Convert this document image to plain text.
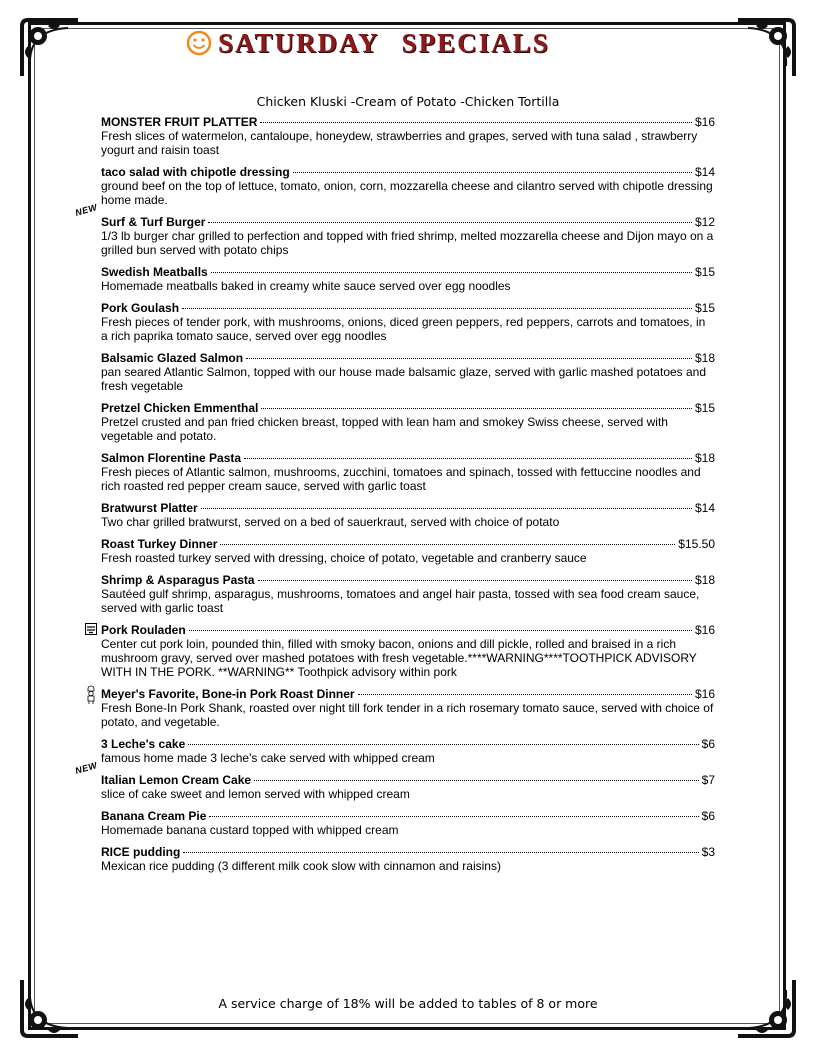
SATURDAY SPECIALS
Chicken Kluski -Cream of Potato -Chicken Tortilla
MONSTER FRUIT PLATTER	$16
Fresh slices of watermelon, cantaloupe, honeydew, strawberries and grapes, served with tuna salad , strawberry yogurt and raisin toast
taco salad with chipotle dressing	$14
ground beef on the top of lettuce, tomato, onion, corn, mozzarella cheese and cilantro served with chipotle dressing home made.
NEW
Surf & Turf Burger	$12
1/3 lb burger char grilled to perfection and topped with fried shrimp, melted mozzarella cheese and Dijon mayo on a grilled bun served with potato chips
Swedish Meatballs	$15
Homemade meatballs baked in creamy white sauce served over egg noodles
Pork Goulash	$15
Fresh pieces of tender pork, with mushrooms, onions, diced green peppers, red peppers, carrots and tomatoes, in a rich paprika tomato sauce, served over egg noodles
Balsamic Glazed Salmon	$18
pan seared Atlantic Salmon, topped with our house made balsamic glaze, served with garlic mashed potatoes and fresh vegetable
Pretzel Chicken Emmenthal	$15
Pretzel crusted and pan fried chicken breast, topped with lean ham and smokey Swiss cheese, served with vegetable and potato.
Salmon Florentine Pasta	$18
Fresh pieces of Atlantic salmon, mushrooms, zucchini, tomatoes and spinach, tossed with fettuccine noodles and rich roasted red pepper cream sauce, served with garlic toast
Bratwurst Platter	$14
Two char grilled bratwurst, served on a bed of sauerkraut, served with choice of potato
Roast Turkey Dinner	$15.50
Fresh roasted turkey served with dressing, choice of potato, vegetable and cranberry sauce
Shrimp & Asparagus Pasta	$18
Sautéed gulf shrimp, asparagus, mushrooms, tomatoes and angel hair pasta, tossed with sea food cream sauce, served with garlic toast
Pork Rouladen	$16
Center cut pork loin, pounded thin, filled with smoky bacon, onions and dill pickle, rolled and braised in a rich mushroom gravy, served over mashed potatoes with fresh vegetable.****WARNING****TOOTHPICK ADVISORY WITH IN THE PORK. **WARNING** Toothpick advisory within pork
Meyer's Favorite, Bone-in Pork Roast Dinner	$16
Fresh Bone-In Pork Shank, roasted over night till fork tender in a rich rosemary tomato sauce, served with choice of potato, and vegetable.
3 Leche's cake	$6
famous home made 3 leche's cake served with whipped cream
NEW
Italian Lemon Cream Cake	$7
slice of cake sweet and lemon served with whipped cream
Banana Cream Pie	$6
Homemade banana custard topped with whipped cream
RICE pudding	$3
Mexican rice pudding (3 different milk cook slow with cinnamon and raisins)
A service charge of 18% will be added to tables of 8 or more
